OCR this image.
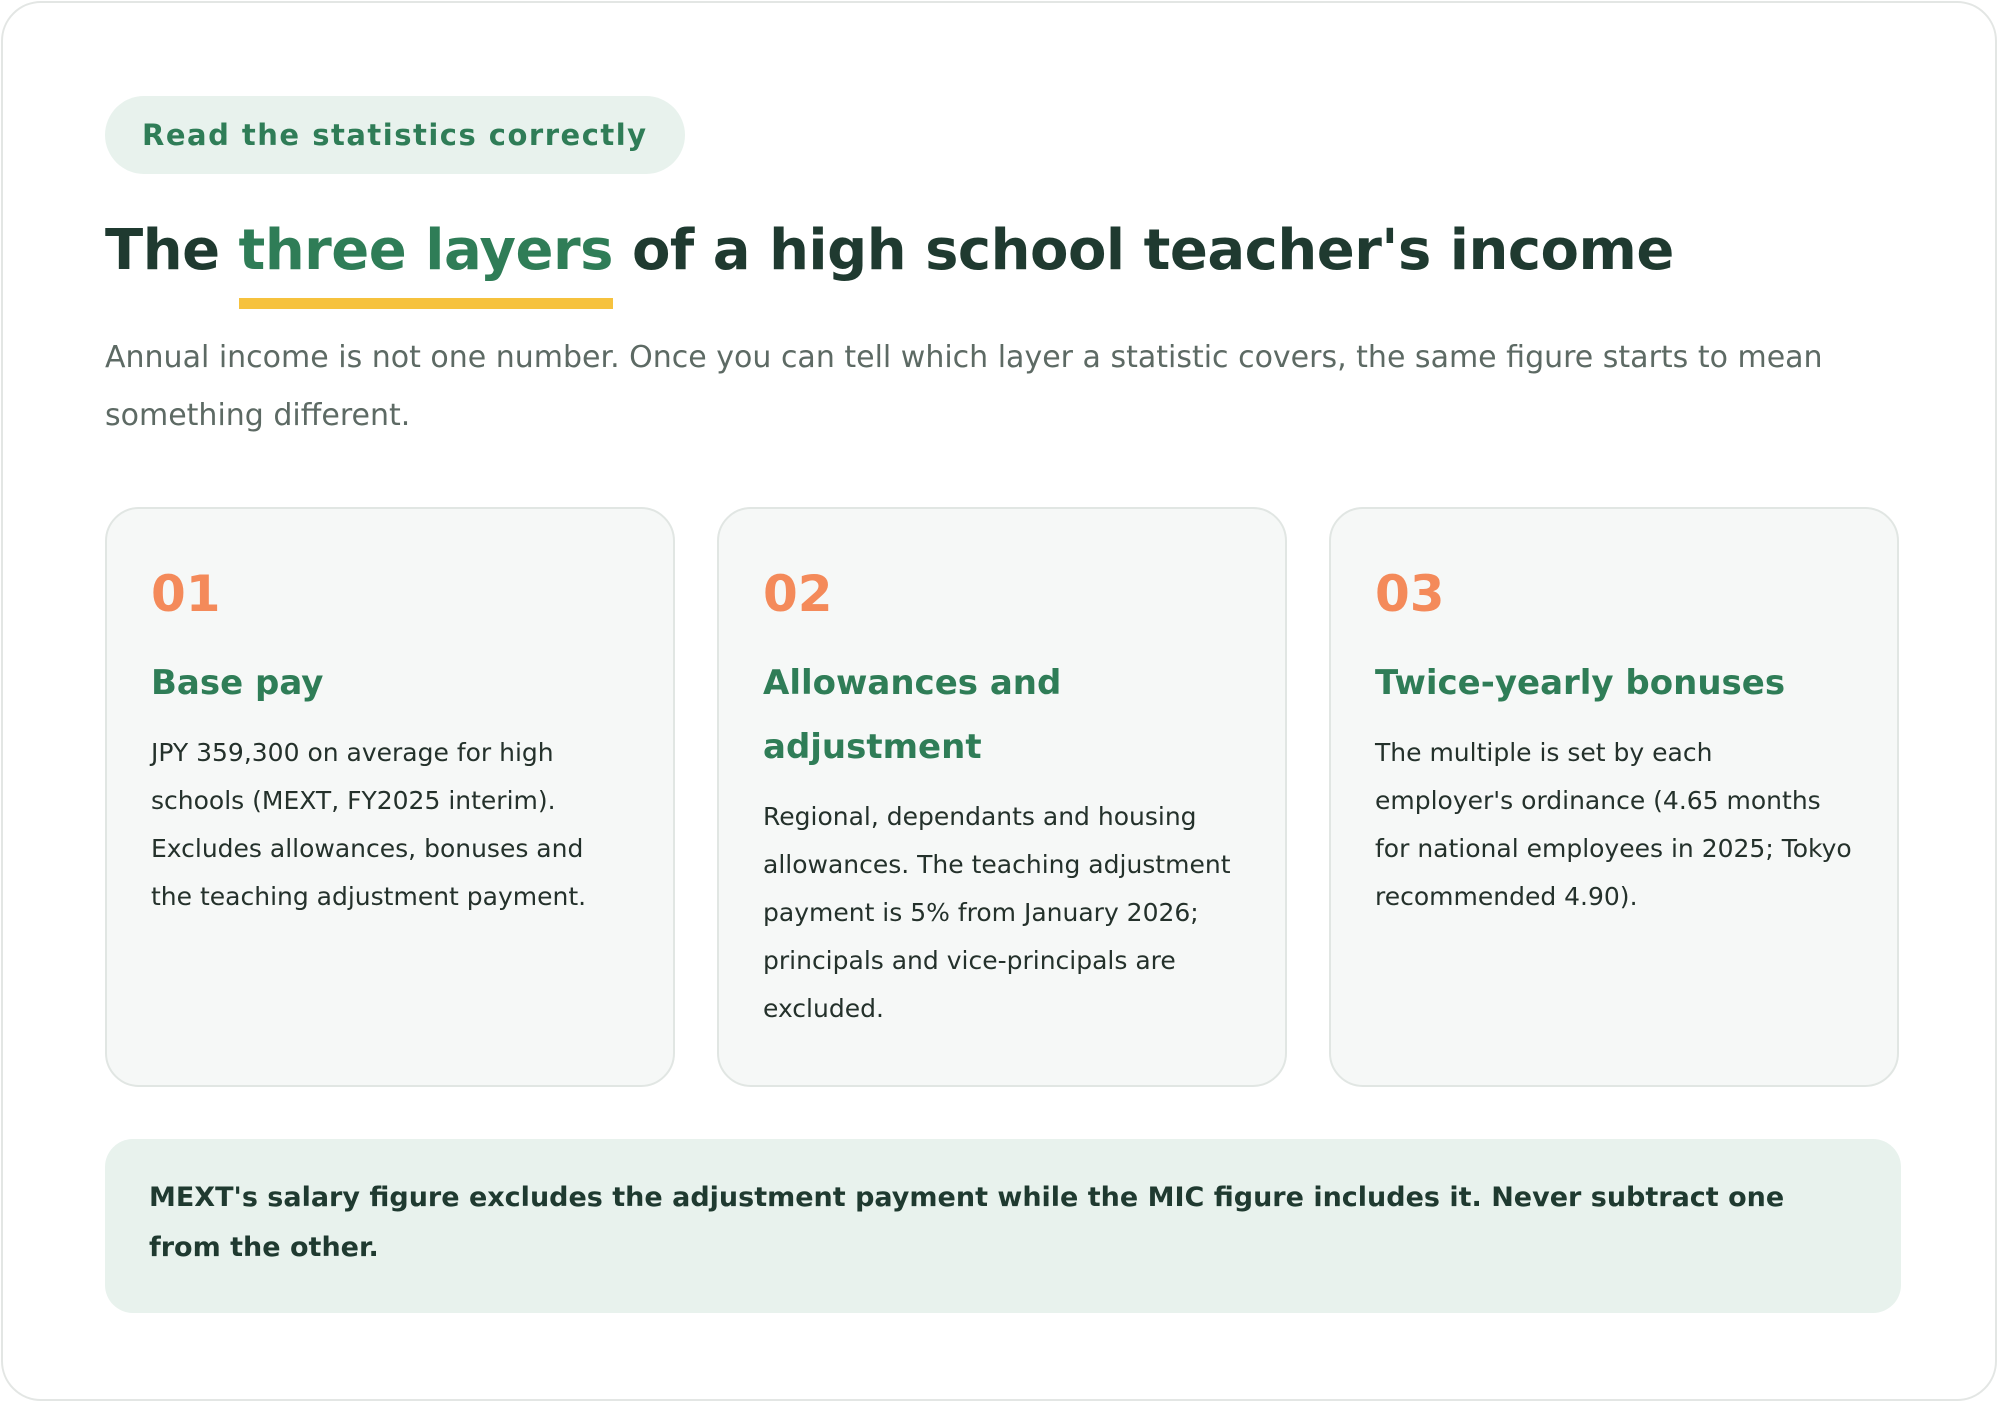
Read the statistics correctly
The three layers of a high school teacher's income

Annual income is not one number. Once you can tell which layer a statistic covers, the same figure starts to mean something different.

01
Base pay
JPY 359,300 on average for high schools (MEXT, FY2025 interim). Excludes allowances, bonuses and the teaching adjustment payment.
02
Allowances and adjustment
Regional, dependants and housing allowances. The teaching adjustment payment is 5% from January 2026; principals and vice-principals are excluded.
03
Twice-yearly bonuses
The multiple is set by each employer's ordinance (4.65 months for national employees in 2025; Tokyo recommended 4.90).
MEXT's salary figure excludes the adjustment payment while the MIC figure includes it. Never subtract one from the other.
